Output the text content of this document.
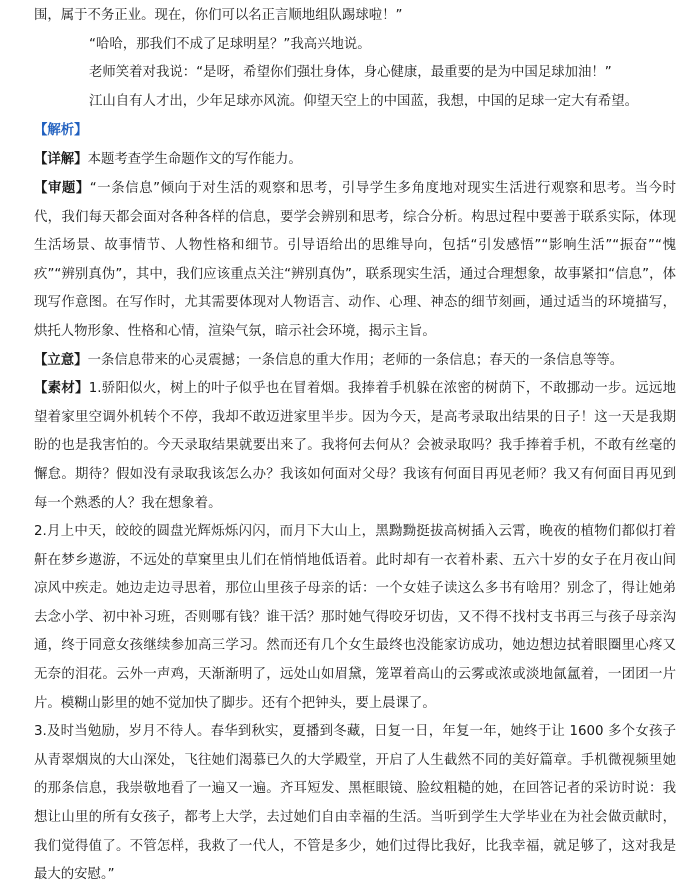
围，属于不务正业。现在，你们可以名正言顺地组队踢球啦！”

“哈哈，那我们不成了足球明星？”我高兴地说。

老师笑着对我说：“是呀，希望你们强壮身体，身心健康，最重要的是为中国足球加油！”

江山自有人才出，少年足球亦风流。仰望天空上的中国蓝，我想，中国的足球一定大有希望。

【解析】

【详解】本题考查学生命题作文的写作能力。

【审题】“一条信息”倾向于对生活的观察和思考，引导学生多角度地对现实生活进行观察和思考。当今时代，我们每天都会面对各种各样的信息，要学会辨别和思考，综合分析。构思过程中要善于联系实际，体现生活场景、故事情节、人物性格和细节。引导语给出的思维导向，包括“引发感悟”“影响生活”“振奋”“愧疚”“辨别真伪”，其中，我们应该重点关注“辨别真伪”，联系现实生活，通过合理想象，故事紧扣“信息”，体现写作意图。在写作时，尤其需要体现对人物语言、动作、心理、神态的细节刻画，通过适当的环境描写，烘托人物形象、性格和心情，渲染气氛，暗示社会环境，揭示主旨。

【立意】一条信息带来的心灵震撼；一条信息的重大作用；老师的一条信息；春天的一条信息等等。

【素材】1.骄阳似火，树上的叶子似乎也在冒着烟。我捧着手机躲在浓密的树荫下，不敢挪动一步。远远地望着家里空调外机转个不停，我却不敢迈进家里半步。因为今天，是高考录取出结果的日子！这一天是我期盼的也是我害怕的。今天录取结果就要出来了。我将何去何从？会被录取吗？我手捧着手机，不敢有丝毫的懈怠。期待？假如没有录取我该怎么办？我该如何面对父母？我该有何面目再见老师？我又有何面目再见到每一个熟悉的人？我在想象着。

2.月上中天，皎皎的圆盘光辉烁烁闪闪，而月下大山上，黑黝黝挺拔高树插入云霄，晚夜的植物们都似打着鼾在梦乡遨游，不远处的草窠里虫儿们在悄悄地低语着。此时却有一衣着朴素、五六十岁的女子在月夜山间凉风中疾走。她边走边寻思着，那位山里孩子母亲的话：一个女娃子读这么多书有啥用？别念了，得让她弟去念小学、初中补习班，否则哪有钱？谁干活？那时她气得咬牙切齿，又不得不找村支书再三与孩子母亲沟通，终于同意女孩继续参加高三学习。然而还有几个女生最终也没能家访成功，她边想边拭着眼圈里心疼又无奈的泪花。云外一声鸡，天渐渐明了，远处山如眉黛，笼罩着高山的云雾或浓或淡地氤氲着，一团团一片片。模糊山影里的她不觉加快了脚步。还有个把钟头，要上晨课了。

3.及时当勉励，岁月不待人。春华到秋实，夏播到冬藏，日复一日，年复一年，她终于让 1600 多个女孩子从青翠烟岚的大山深处，飞往她们渴慕已久的大学殿堂，开启了人生截然不同的美好篇章。手机微视频里她的那条信息，我崇敬地看了一遍又一遍。齐耳短发、黑框眼镜、脸纹粗糙的她，在回答记者的采访时说：我想让山里的所有女孩子，都考上大学，去过她们自由幸福的生活。当听到学生大学毕业在为社会做贡献时，我们觉得值了。不管怎样，我救了一代人，不管是多少，她们过得比我好，比我幸福，就足够了，这对我是最大的安慰。”
